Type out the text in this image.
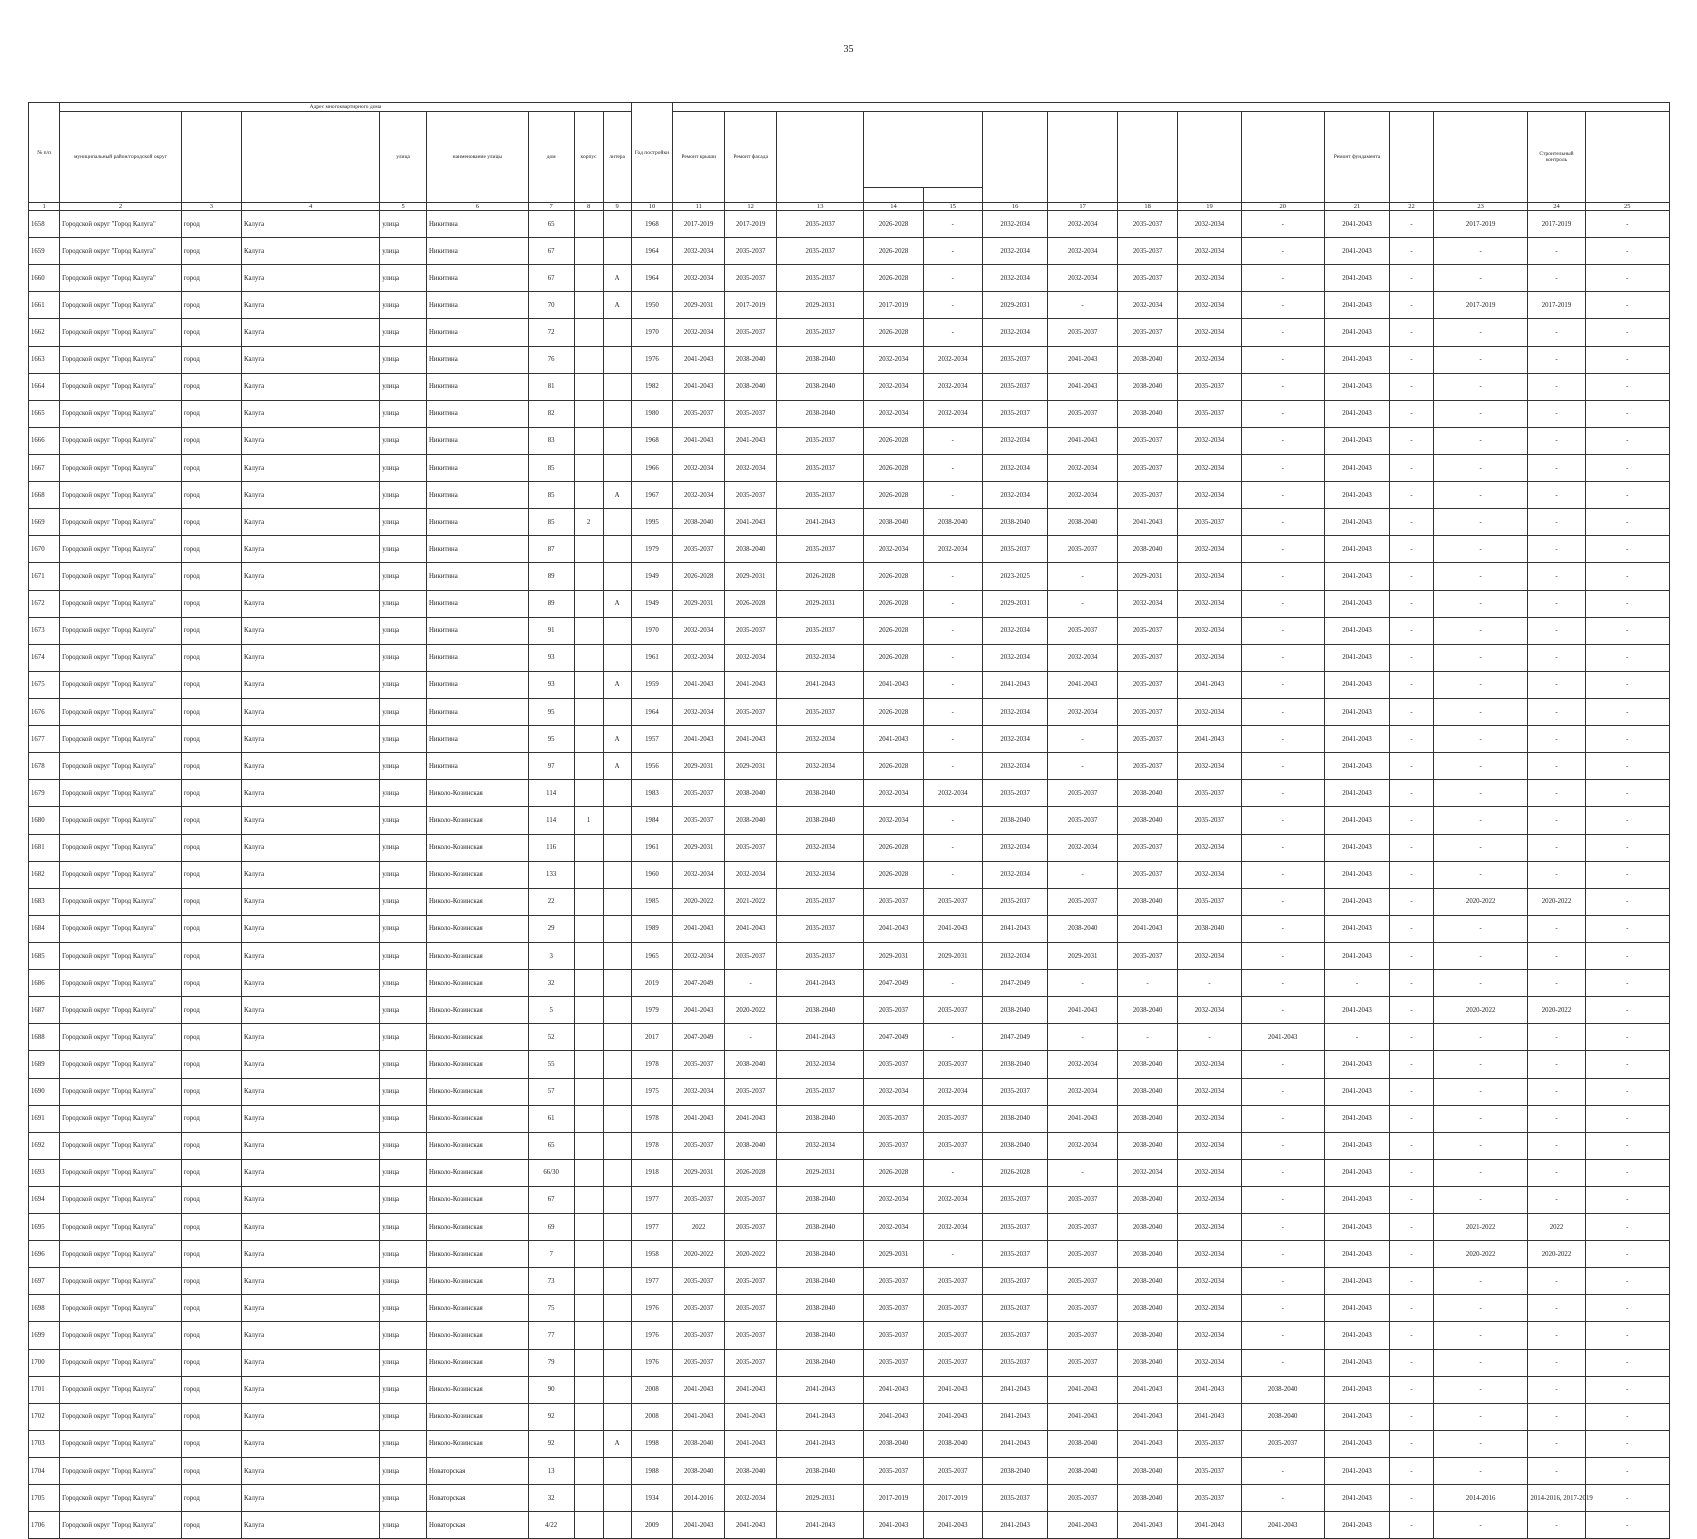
35
№ п/п	Адрес многоквартирного дома								Год постройки															
	муниципальный район/городской округ			улица	наименование улицы	дом	корпус	литера		Ремонт крыши	Ремонт фасада									Ремонт фундамента			Строительный контроль	

1	2	3	4	5	6	7	8	9	10	11	12	13	14	15	16	17	18	19	20	21	22	23	24	25
1658	Городской округ "Город Калуга"	город	Калуга	улица	Никитина	65			1968	2017-2019	2017-2019	2035-2037	2026-2028	-	2032-2034	2032-2034	2035-2037	2032-2034	-	2041-2043	-	2017-2019	2017-2019	-
1659	Городской округ "Город Калуга"	город	Калуга	улица	Никитина	67			1964	2032-2034	2035-2037	2035-2037	2026-2028	-	2032-2034	2032-2034	2035-2037	2032-2034	-	2041-2043	-	-	-	-
1660	Городской округ "Город Калуга"	город	Калуга	улица	Никитина	67		А	1964	2032-2034	2035-2037	2035-2037	2026-2028	-	2032-2034	2032-2034	2035-2037	2032-2034	-	2041-2043	-	-	-	-
1661	Городской округ "Город Калуга"	город	Калуга	улица	Никитина	70		А	1950	2029-2031	2017-2019	2029-2031	2017-2019	-	2029-2031	-	2032-2034	2032-2034	-	2041-2043	-	2017-2019	2017-2019	-
1662	Городской округ "Город Калуга"	город	Калуга	улица	Никитина	72			1970	2032-2034	2035-2037	2035-2037	2026-2028	-	2032-2034	2035-2037	2035-2037	2032-2034	-	2041-2043	-	-	-	-
1663	Городской округ "Город Калуга"	город	Калуга	улица	Никитина	76			1976	2041-2043	2038-2040	2038-2040	2032-2034	2032-2034	2035-2037	2041-2043	2038-2040	2032-2034	-	2041-2043	-	-	-	-
1664	Городской округ "Город Калуга"	город	Калуга	улица	Никитина	81			1982	2041-2043	2038-2040	2038-2040	2032-2034	2032-2034	2035-2037	2041-2043	2038-2040	2035-2037	-	2041-2043	-	-	-	-
1665	Городской округ "Город Калуга"	город	Калуга	улица	Никитина	82			1980	2035-2037	2035-2037	2038-2040	2032-2034	2032-2034	2035-2037	2035-2037	2038-2040	2035-2037	-	2041-2043	-	-	-	-
1666	Городской округ "Город Калуга"	город	Калуга	улица	Никитина	83			1968	2041-2043	2041-2043	2035-2037	2026-2028	-	2032-2034	2041-2043	2035-2037	2032-2034	-	2041-2043	-	-	-	-
1667	Городской округ "Город Калуга"	город	Калуга	улица	Никитина	85			1966	2032-2034	2032-2034	2035-2037	2026-2028	-	2032-2034	2032-2034	2035-2037	2032-2034	-	2041-2043	-	-	-	-
1668	Городской округ "Город Калуга"	город	Калуга	улица	Никитина	85		А	1967	2032-2034	2035-2037	2035-2037	2026-2028	-	2032-2034	2032-2034	2035-2037	2032-2034	-	2041-2043	-	-	-	-
1669	Городской округ "Город Калуга"	город	Калуга	улица	Никитина	85	2		1995	2038-2040	2041-2043	2041-2043	2038-2040	2038-2040	2038-2040	2038-2040	2041-2043	2035-2037	-	2041-2043	-	-	-	-
1670	Городской округ "Город Калуга"	город	Калуга	улица	Никитина	87			1979	2035-2037	2038-2040	2035-2037	2032-2034	2032-2034	2035-2037	2035-2037	2038-2040	2032-2034	-	2041-2043	-	-	-	-
1671	Городской округ "Город Калуга"	город	Калуга	улица	Никитина	89			1949	2026-2028	2029-2031	2026-2028	2026-2028	-	2023-2025	-	2029-2031	2032-2034	-	2041-2043	-	-	-	-
1672	Городской округ "Город Калуга"	город	Калуга	улица	Никитина	89		А	1949	2029-2031	2026-2028	2029-2031	2026-2028	-	2029-2031	-	2032-2034	2032-2034	-	2041-2043	-	-	-	-
1673	Городской округ "Город Калуга"	город	Калуга	улица	Никитина	91			1970	2032-2034	2035-2037	2035-2037	2026-2028	-	2032-2034	2035-2037	2035-2037	2032-2034	-	2041-2043	-	-	-	-
1674	Городской округ "Город Калуга"	город	Калуга	улица	Никитина	93			1961	2032-2034	2032-2034	2032-2034	2026-2028	-	2032-2034	2032-2034	2035-2037	2032-2034	-	2041-2043	-	-	-	-
1675	Городской округ "Город Калуга"	город	Калуга	улица	Никитина	93		А	1959	2041-2043	2041-2043	2041-2043	2041-2043	-	2041-2043	2041-2043	2035-2037	2041-2043	-	2041-2043	-	-	-	-
1676	Городской округ "Город Калуга"	город	Калуга	улица	Никитина	95			1964	2032-2034	2035-2037	2035-2037	2026-2028	-	2032-2034	2032-2034	2035-2037	2032-2034	-	2041-2043	-	-	-	-
1677	Городской округ "Город Калуга"	город	Калуга	улица	Никитина	95		А	1957	2041-2043	2041-2043	2032-2034	2041-2043	-	2032-2034	-	2035-2037	2041-2043	-	2041-2043	-	-	-	-
1678	Городской округ "Город Калуга"	город	Калуга	улица	Никитина	97		А	1956	2029-2031	2029-2031	2032-2034	2026-2028	-	2032-2034	-	2035-2037	2032-2034	-	2041-2043	-	-	-	-
1679	Городской округ "Город Калуга"	город	Калуга	улица	Николо-Козинская	114			1983	2035-2037	2038-2040	2038-2040	2032-2034	2032-2034	2035-2037	2035-2037	2038-2040	2035-2037	-	2041-2043	-	-	-	-
1680	Городской округ "Город Калуга"	город	Калуга	улица	Николо-Козинская	114	1		1984	2035-2037	2038-2040	2038-2040	2032-2034	-	2038-2040	2035-2037	2038-2040	2035-2037	-	2041-2043	-	-	-	-
1681	Городской округ "Город Калуга"	город	Калуга	улица	Николо-Козинская	116			1961	2029-2031	2035-2037	2032-2034	2026-2028	-	2032-2034	2032-2034	2035-2037	2032-2034	-	2041-2043	-	-	-	-
1682	Городской округ "Город Калуга"	город	Калуга	улица	Николо-Козинская	133			1960	2032-2034	2032-2034	2032-2034	2026-2028	-	2032-2034	-	2035-2037	2032-2034	-	2041-2043	-	-	-	-
1683	Городской округ "Город Калуга"	город	Калуга	улица	Николо-Козинская	22			1985	2020-2022	2021-2022	2035-2037	2035-2037	2035-2037	2035-2037	2035-2037	2038-2040	2035-2037	-	2041-2043	-	2020-2022	2020-2022	-
1684	Городской округ "Город Калуга"	город	Калуга	улица	Николо-Козинская	29			1989	2041-2043	2041-2043	2035-2037	2041-2043	2041-2043	2041-2043	2038-2040	2041-2043	2038-2040	-	2041-2043	-	-	-	-
1685	Городской округ "Город Калуга"	город	Калуга	улица	Николо-Козинская	3			1965	2032-2034	2035-2037	2035-2037	2029-2031	2029-2031	2032-2034	2029-2031	2035-2037	2032-2034	-	2041-2043	-	-	-	-
1686	Городской округ "Город Калуга"	город	Калуга	улица	Николо-Козинская	32			2019	2047-2049	-	2041-2043	2047-2049	-	2047-2049	-	-	-	-	-	-	-	-	-
1687	Городской округ "Город Калуга"	город	Калуга	улица	Николо-Козинская	5			1979	2041-2043	2020-2022	2038-2040	2035-2037	2035-2037	2038-2040	2041-2043	2038-2040	2032-2034	-	2041-2043	-	2020-2022	2020-2022	-
1688	Городской округ "Город Калуга"	город	Калуга	улица	Николо-Козинская	52			2017	2047-2049	-	2041-2043	2047-2049	-	2047-2049	-	-	-	2041-2043	-	-	-	-	-
1689	Городской округ "Город Калуга"	город	Калуга	улица	Николо-Козинская	55			1978	2035-2037	2038-2040	2032-2034	2035-2037	2035-2037	2038-2040	2032-2034	2038-2040	2032-2034	-	2041-2043	-	-	-	-
1690	Городской округ "Город Калуга"	город	Калуга	улица	Николо-Козинская	57			1975	2032-2034	2035-2037	2035-2037	2032-2034	2032-2034	2035-2037	2032-2034	2038-2040	2032-2034	-	2041-2043	-	-	-	-
1691	Городской округ "Город Калуга"	город	Калуга	улица	Николо-Козинская	61			1978	2041-2043	2041-2043	2038-2040	2035-2037	2035-2037	2038-2040	2041-2043	2038-2040	2032-2034	-	2041-2043	-	-	-	-
1692	Городской округ "Город Калуга"	город	Калуга	улица	Николо-Козинская	65			1978	2035-2037	2038-2040	2032-2034	2035-2037	2035-2037	2038-2040	2032-2034	2038-2040	2032-2034	-	2041-2043	-	-	-	-
1693	Городской округ "Город Калуга"	город	Калуга	улица	Николо-Козинская	66/30			1918	2029-2031	2026-2028	2029-2031	2026-2028	-	2026-2028	-	2032-2034	2032-2034	-	2041-2043	-	-	-	-
1694	Городской округ "Город Калуга"	город	Калуга	улица	Николо-Козинская	67			1977	2035-2037	2035-2037	2038-2040	2032-2034	2032-2034	2035-2037	2035-2037	2038-2040	2032-2034	-	2041-2043	-	-	-	-
1695	Городской округ "Город Калуга"	город	Калуга	улица	Николо-Козинская	69			1977	2022	2035-2037	2038-2040	2032-2034	2032-2034	2035-2037	2035-2037	2038-2040	2032-2034	-	2041-2043	-	2021-2022	2022	-
1696	Городской округ "Город Калуга"	город	Калуга	улица	Николо-Козинская	7			1958	2020-2022	2020-2022	2038-2040	2029-2031	-	2035-2037	2035-2037	2038-2040	2032-2034	-	2041-2043	-	2020-2022	2020-2022	-
1697	Городской округ "Город Калуга"	город	Калуга	улица	Николо-Козинская	73			1977	2035-2037	2035-2037	2038-2040	2035-2037	2035-2037	2035-2037	2035-2037	2038-2040	2032-2034	-	2041-2043	-	-	-	-
1698	Городской округ "Город Калуга"	город	Калуга	улица	Николо-Козинская	75			1976	2035-2037	2035-2037	2038-2040	2035-2037	2035-2037	2035-2037	2035-2037	2038-2040	2032-2034	-	2041-2043	-	-	-	-
1699	Городской округ "Город Калуга"	город	Калуга	улица	Николо-Козинская	77			1976	2035-2037	2035-2037	2038-2040	2035-2037	2035-2037	2035-2037	2035-2037	2038-2040	2032-2034	-	2041-2043	-	-	-	-
1700	Городской округ "Город Калуга"	город	Калуга	улица	Николо-Козинская	79			1976	2035-2037	2035-2037	2038-2040	2035-2037	2035-2037	2035-2037	2035-2037	2038-2040	2032-2034	-	2041-2043	-	-	-	-
1701	Городской округ "Город Калуга"	город	Калуга	улица	Николо-Козинская	90			2008	2041-2043	2041-2043	2041-2043	2041-2043	2041-2043	2041-2043	2041-2043	2041-2043	2041-2043	2038-2040	2041-2043	-	-	-	-
1702	Городской округ "Город Калуга"	город	Калуга	улица	Николо-Козинская	92			2008	2041-2043	2041-2043	2041-2043	2041-2043	2041-2043	2041-2043	2041-2043	2041-2043	2041-2043	2038-2040	2041-2043	-	-	-	-
1703	Городской округ "Город Калуга"	город	Калуга	улица	Николо-Козинская	92		А	1998	2038-2040	2041-2043	2041-2043	2038-2040	2038-2040	2041-2043	2038-2040	2041-2043	2035-2037	2035-2037	2041-2043	-	-	-	-
1704	Городской округ "Город Калуга"	город	Калуга	улица	Новаторская	13			1988	2038-2040	2038-2040	2038-2040	2035-2037	2035-2037	2038-2040	2038-2040	2038-2040	2035-2037	-	2041-2043	-	-	-	-
1705	Городской округ "Город Калуга"	город	Калуга	улица	Новаторская	32			1934	2014-2016	2032-2034	2029-2031	2017-2019	2017-2019	2035-2037	2035-2037	2038-2040	2035-2037	-	2041-2043	-	2014-2016	2014-2016, 2017-2019	-
1706	Городской округ "Город Калуга"	город	Калуга	улица	Новаторская	4/22			2009	2041-2043	2041-2043	2041-2043	2041-2043	2041-2043	2041-2043	2041-2043	2041-2043	2041-2043	2041-2043	2041-2043	-	-	-	-
